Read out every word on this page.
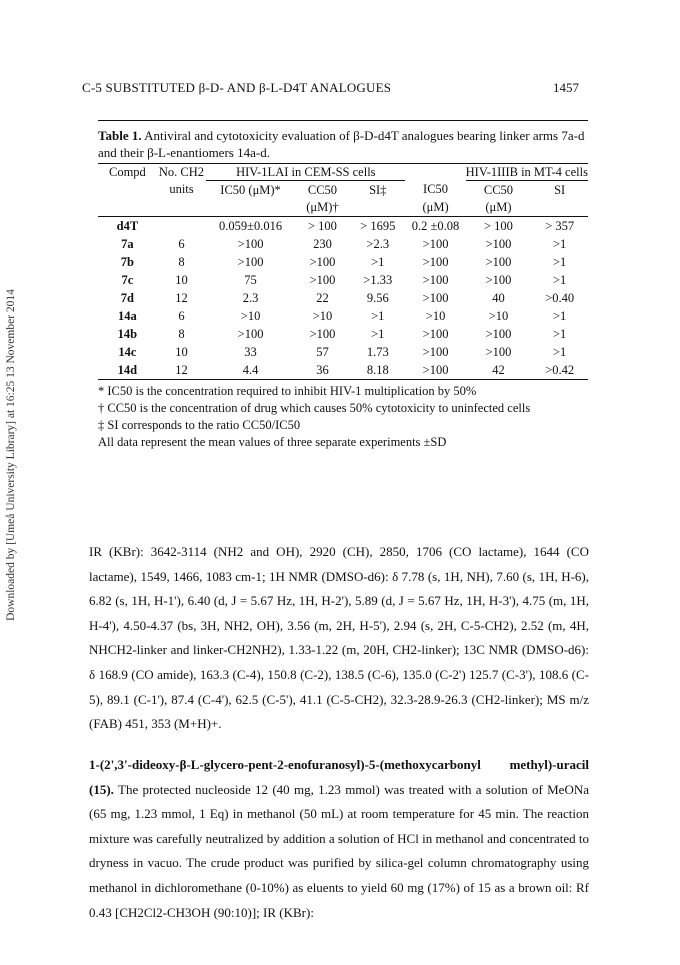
Downloaded by [Umeå University Library] at 16:25 13 November 2014
C-5 SUBSTITUTED β-D- AND β-L-D4T ANALOGUES	1457
Table 1. Antiviral and cytotoxicity evaluation of β-D-d4T analogues bearing linker arms 7a-d and their β-L-enantiomers 14a-d.
Compd	No. CH2	HIV-1LAI in CEM-SS cells				HIV-1IIIB in MT-4 cells	
	units	IC50 (μM)*	CC50	SI‡	IC50	CC50	SI
			(μM)†		(μM)	(μM)	
d4T		0.059±0.016	> 100	> 1695	0.2 ±0.08	> 100	> 357
7a	6	>100	230	>2.3	>100	>100	>1
7b	8	>100	>100	>1	>100	>100	>1
7c	10	75	>100	>1.33	>100	>100	>1
7d	12	2.3	22	9.56	>100	40	>0.40
14a	6	>10	>10	>1	>10	>10	>1
14b	8	>100	>100	>1	>100	>100	>1
14c	10	33	57	1.73	>100	>100	>1
14d	12	4.4	36	8.18	>100	42	>0.42
* IC50 is the concentration required to inhibit HIV-1 multiplication by 50%
† CC50 is the concentration of drug which causes 50% cytotoxicity to uninfected cells
‡ SI corresponds to the ratio CC50/IC50
All data represent the mean values of three separate experiments ±SD
IR (KBr): 3642-3114 (NH2 and OH), 2920 (CH), 2850, 1706 (CO lactame), 1644 (CO lactame), 1549, 1466, 1083 cm-1; 1H NMR (DMSO-d6): δ 7.78 (s, 1H, NH), 7.60 (s, 1H, H-6), 6.82 (s, 1H, H-1'), 6.40 (d, J = 5.67 Hz, 1H, H-2'), 5.89 (d, J = 5.67 Hz, 1H, H-3'), 4.75 (m, 1H, H-4'), 4.50-4.37 (bs, 3H, NH2, OH), 3.56 (m, 2H, H-5'), 2.94 (s, 2H, C-5-CH2), 2.52 (m, 4H, NHCH2-linker and linker-CH2NH2), 1.33-1.22 (m, 20H, CH2-linker); 13C NMR (DMSO-d6): δ 168.9 (CO amide), 163.3 (C-4), 150.8 (C-2), 138.5 (C-6), 135.0 (C-2') 125.7 (C-3'), 108.6 (C-5), 89.1 (C-1'), 87.4 (C-4'), 62.5 (C-5'), 41.1 (C-5-CH2), 32.3-28.9-26.3 (CH2-linker); MS m/z (FAB) 451, 353 (M+H)+.
1-(2',3'-dideoxy-β-L-glycero-pent-2-enofuranosyl)-5-(methoxycarbonyl methyl)-uracil (15). The protected nucleoside 12 (40 mg, 1.23 mmol) was treated with a solution of MeONa (65 mg, 1.23 mmol, 1 Eq) in methanol (50 mL) at room temperature for 45 min. The reaction mixture was carefully neutralized by addition a solution of HCl in methanol and concentrated to dryness in vacuo. The crude product was purified by silica-gel column chromatography using methanol in dichloromethane (0-10%) as eluents to yield 60 mg (17%) of 15 as a brown oil: Rf 0.43 [CH2Cl2-CH3OH (90:10)]; IR (KBr):
